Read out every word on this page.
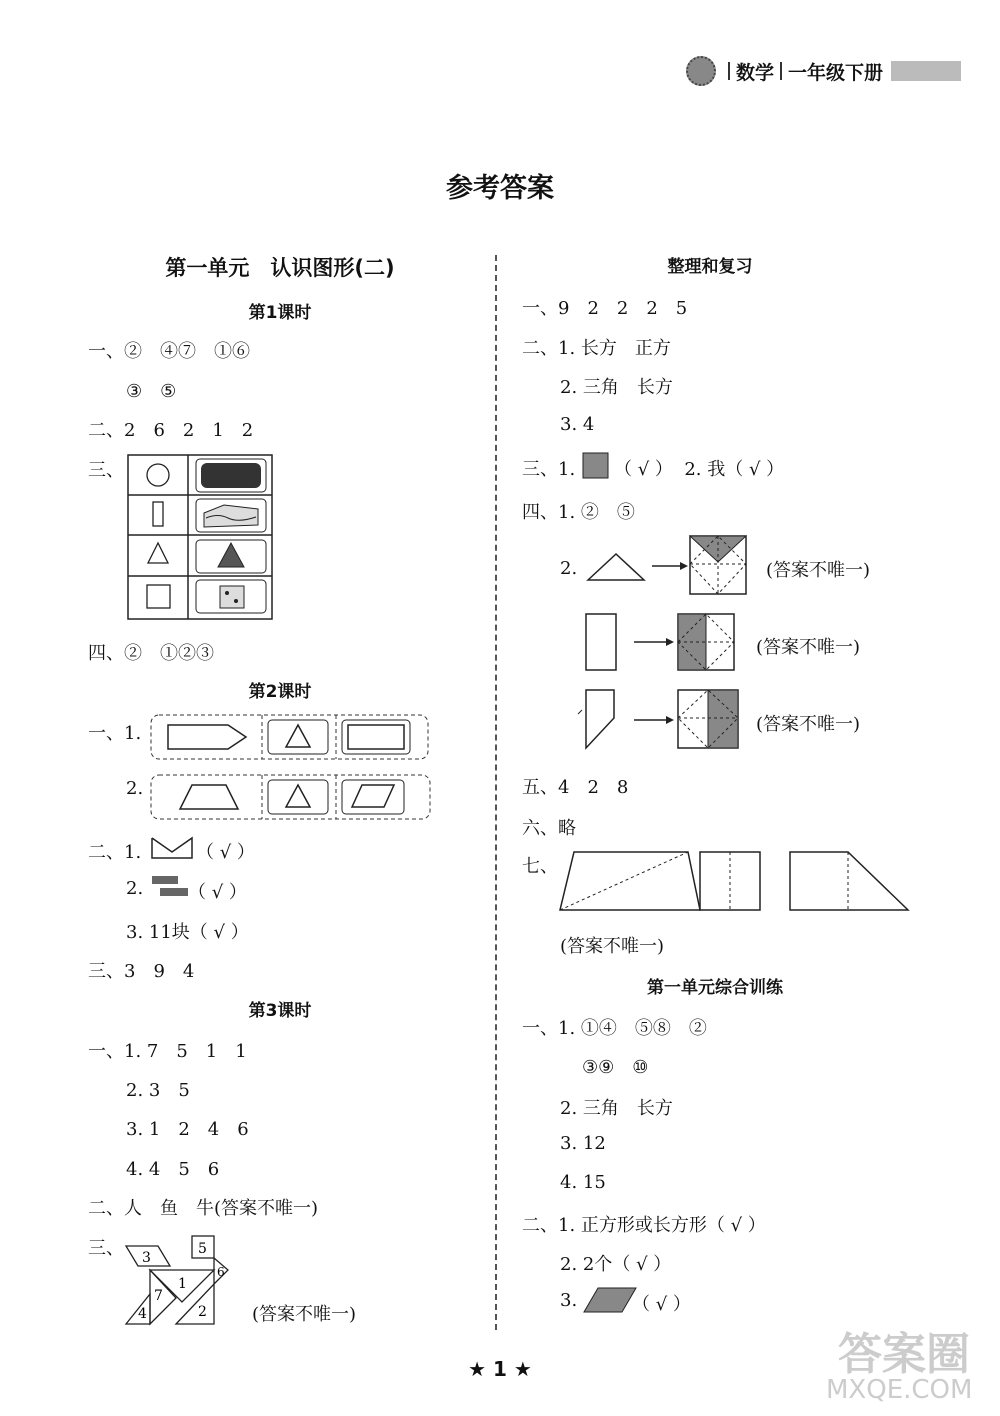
数学 一年级下册
参考答案
第一单元　认识图形(二)
第1课时
一、②　④⑦　①⑥
③　⑤
二、2　6　2　1　2
三、
四、②　①②③
第2课时
一、1.
2.
二、1.	（ √ ）
2. （ √ ）
3. 11块（ √ ）
三、3　9　4
第3课时
一、1. 7　5　1　1
2. 3　5
3. 1　2　4　6
4. 4　5　6
二、人　鱼　牛(答案不唯一)
三、 3
5
6
1
7
4	2	(答案不唯一)
整理和复习
一、9　2　2　2　5
二、1. 长方　正方
2. 三角　长方
3. 4
三、1. （ √ ）  2. 我（ √ ）
四、1. ②　⑤
2.	(答案不唯一)
(答案不唯一)
(答案不唯一)
五、4　2　8
六、略
七、
(答案不唯一)
第一单元综合训练
一、1. ①④　⑤⑧　②
③⑨　⑩
2. 三角　长方
3. 12
4. 15
二、1. 正方形或长方形（ √ ）
2. 2个（ √ ）
3.	（ √ ）
★ 1 ★	答案圈
MXQE.COM
